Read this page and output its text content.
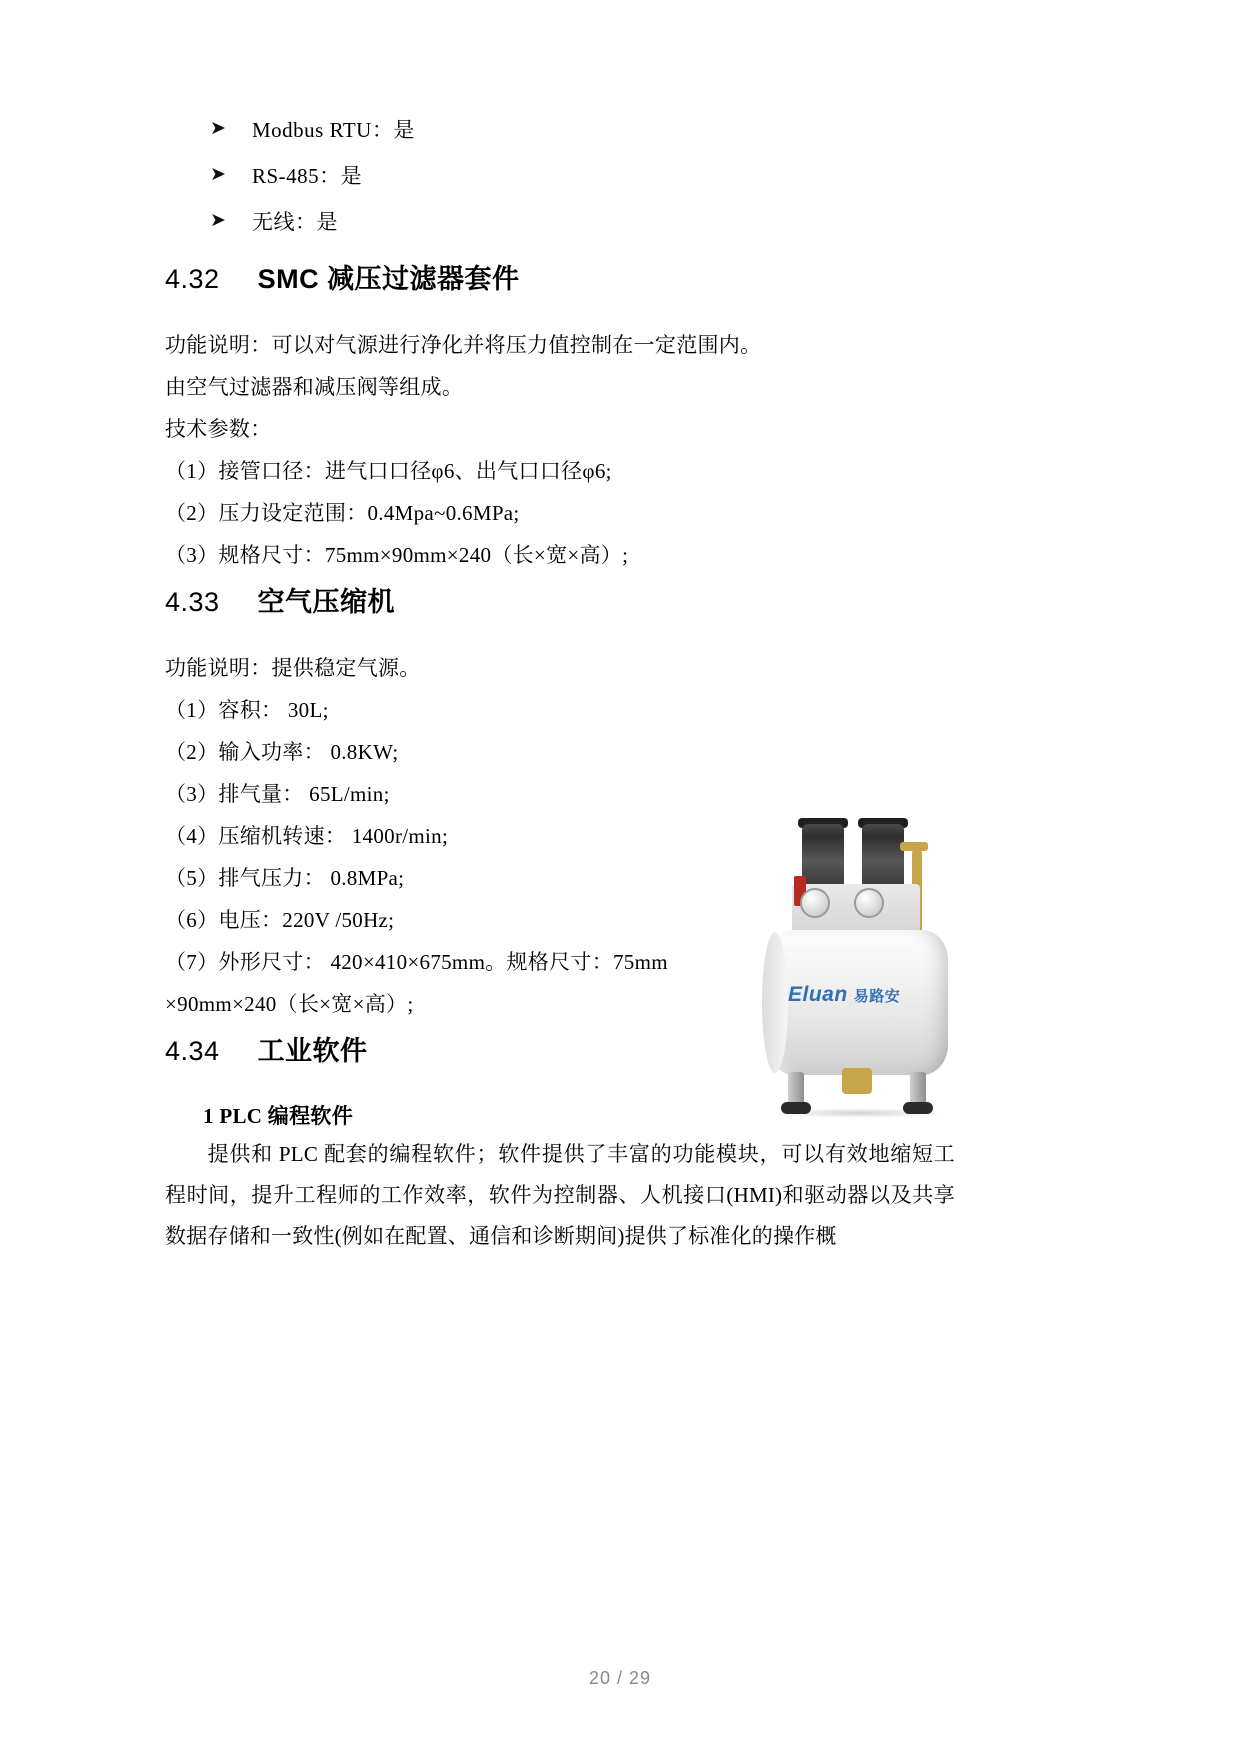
➤	Modbus RTU：是
➤	RS-485：是
➤	无线：是
4.32 SMC 减压过滤器套件

功能说明：可以对气源进行净化并将压力值控制在一定范围内。

由空气过滤器和减压阀等组成。

技术参数：

（1）接管口径：进气口口径φ6、出气口口径φ6;

（2）压力设定范围：0.4Mpa~0.6MPa;

（3）规格尺寸：75mm×90mm×240（长×宽×高）;

4.33 空气压缩机

功能说明：提供稳定气源。

（1）容积： 30L;

（2）输入功率： 0.8KW;

（3）排气量： 65L/min;

（4）压缩机转速： 1400r/min;

（5）排气压力： 0.8MPa;

（6）电压：220V /50Hz;

（7）外形尺寸： 420×410×675mm。规格尺寸：75mm

×90mm×240（长×宽×高）;

4.34 工业软件

1 PLC 编程软件

提供和 PLC 配套的编程软件；软件提供了丰富的功能模块，可以有效地缩短工程时间，提升工程师的工作效率，软件为控制器、人机接口(HMI)和驱动器以及共享数据存储和一致性(例如在配置、通信和诊断期间)提供了标准化的操作概

Eluan 易路安
20 / 29
